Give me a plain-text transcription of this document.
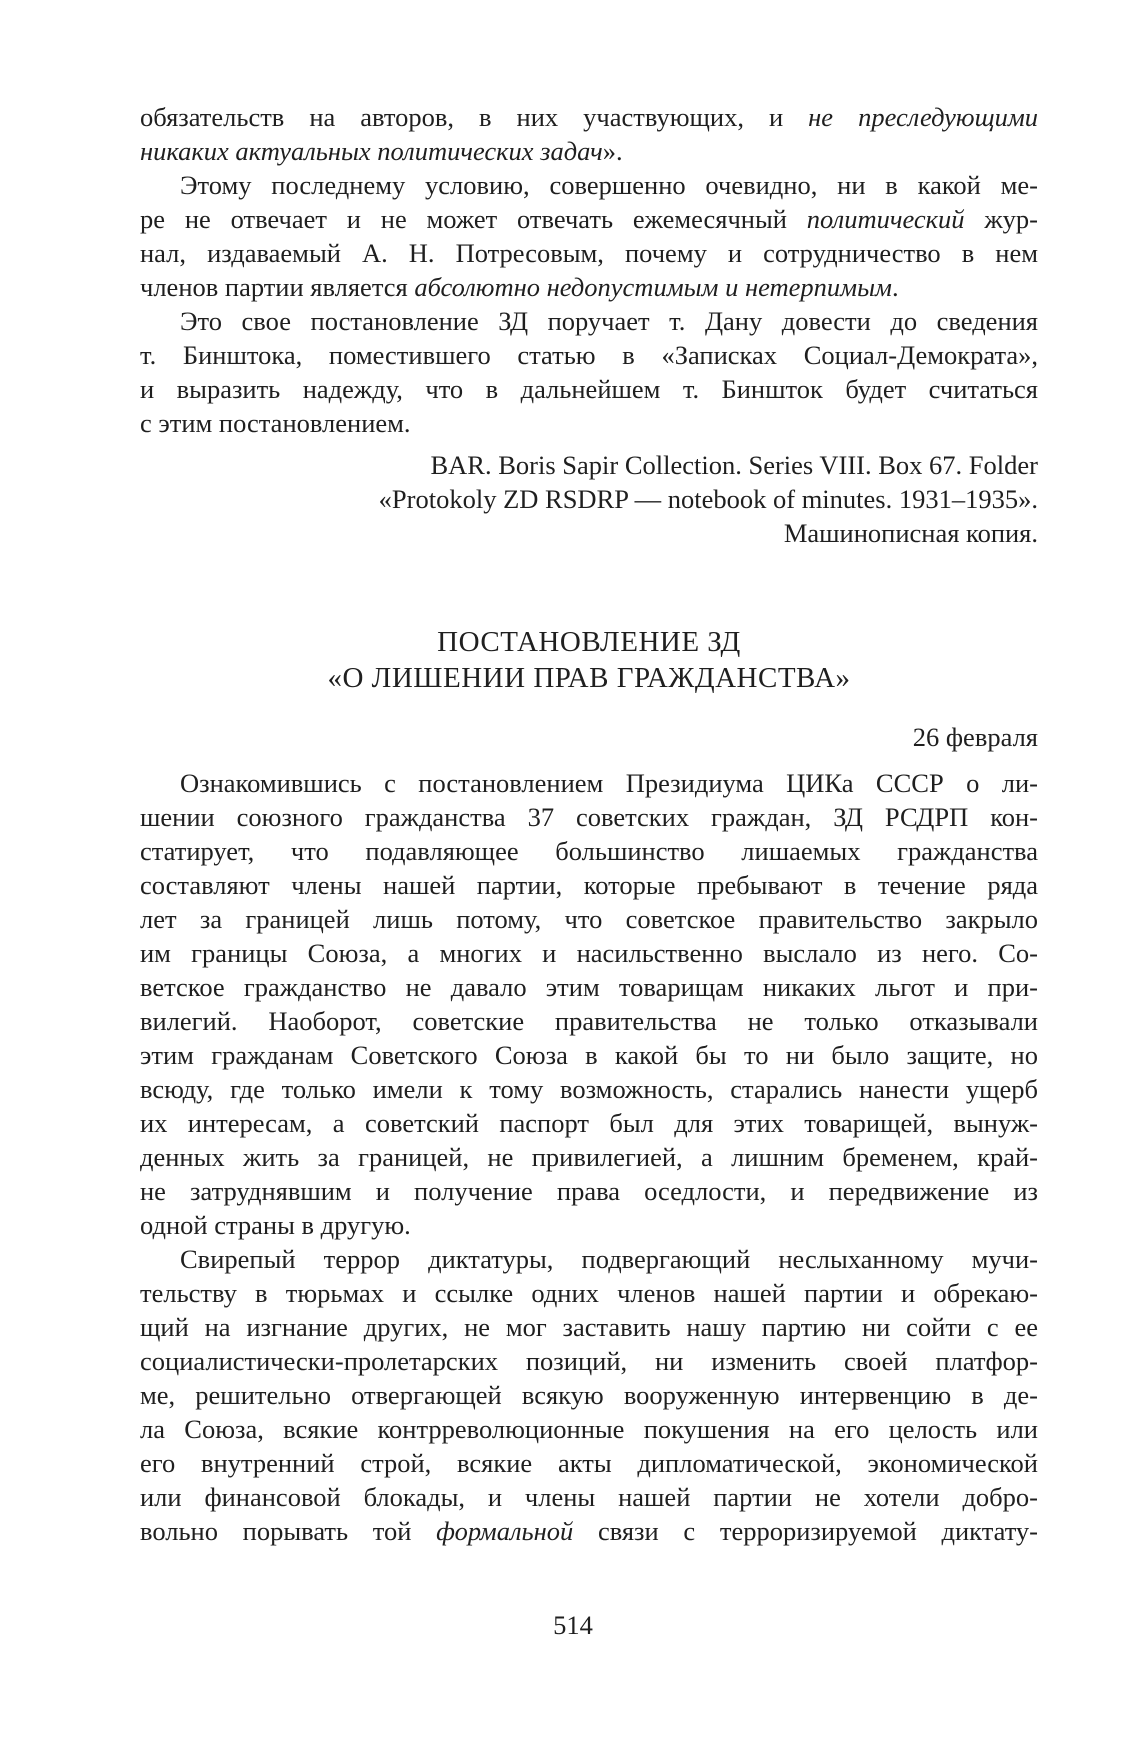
обязательств на авторов, в них участвующих, и не преследующими
никаких актуальных политических задач».

Этому последнему условию, совершенно очевидно, ни в какой ме-
ре не отвечает и не может отвечать ежемесячный политический жур-
нал, издаваемый А. Н. Потресовым, почему и сотрудничество в нем
членов партии является абсолютно недопустимым и нетерпимым.

Это свое постановление ЗД поручает т. Дану довести до сведения
т. Бинштока, поместившего статью в «Записках Социал-Демократа»,
и выразить надежду, что в дальнейшем т. Биншток будет считаться
с этим постановлением.

BAR. Boris Sapir Collection. Series VIII. Box 67. Folder
«Protokoly ZD RSDRP — notebook of minutes. 1931–1935».
Машинописная копия.
ПОСТАНОВЛЕНИЕ ЗД
«О ЛИШЕНИИ ПРАВ ГРАЖДАНСТВА»
26 февраля

Ознакомившись с постановлением Президиума ЦИКа СССР о ли-
шении союзного гражданства 37 советских граждан, ЗД РСДРП кон-
статирует, что подавляющее большинство лишаемых гражданства
составляют члены нашей партии, которые пребывают в течение ряда
лет за границей лишь потому, что советское правительство закрыло
им границы Союза, а многих и насильственно выслало из него. Со-
ветское гражданство не давало этим товарищам никаких льгот и при-
вилегий. Наоборот, советские правительства не только отказывали
этим гражданам Советского Союза в какой бы то ни было защите, но
всюду, где только имели к тому возможность, старались нанести ущерб
их интересам, а советский паспорт был для этих товарищей, вынуж-
денных жить за границей, не привилегией, а лишним бременем, край-
не затруднявшим и получение права оседлости, и передвижение из
одной страны в другую.

Свирепый террор диктатуры, подвергающий неслыханному мучи-
тельству в тюрьмах и ссылке одних членов нашей партии и обрекаю-
щий на изгнание других, не мог заставить нашу партию ни сойти с ее
социалистически-пролетарских позиций, ни изменить своей платфор-
ме, решительно отвергающей всякую вооруженную интервенцию в де-
ла Союза, всякие контрреволюционные покушения на его целость или
его внутренний строй, всякие акты дипломатической, экономической
или финансовой блокады, и члены нашей партии не хотели добро-
вольно порывать той формальной связи с терроризируемой диктату-

514
